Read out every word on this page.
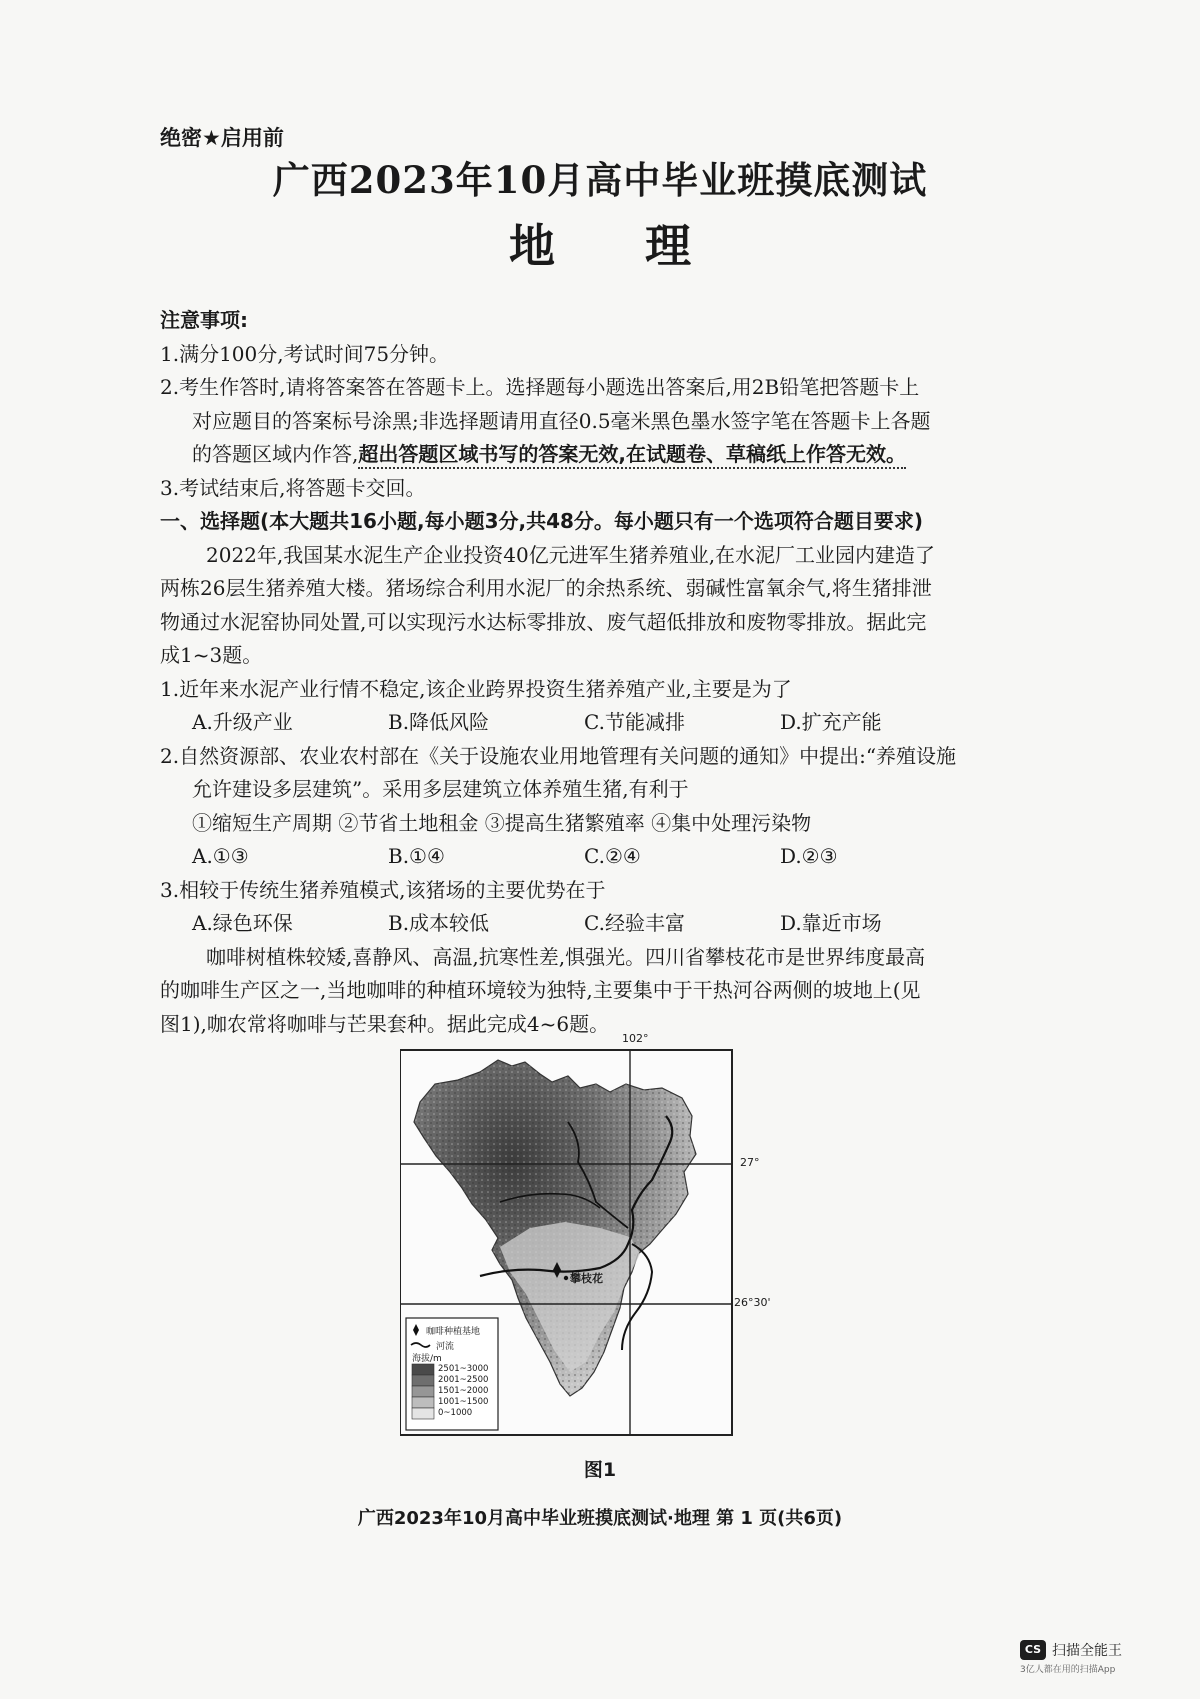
绝密★启用前
广西2023年10月高中毕业班摸底测试
地理
注意事项:
1.满分100分,考试时间75分钟。
2.考生作答时,请将答案答在答题卡上。选择题每小题选出答案后,用2B铅笔把答题卡上
对应题目的答案标号涂黑;非选择题请用直径0.5毫米黑色墨水签字笔在答题卡上各题
的答题区域内作答,超出答题区域书写的答案无效,在试题卷、草稿纸上作答无效。
3.考试结束后,将答题卡交回。
一、选择题(本大题共16小题,每小题3分,共48分。每小题只有一个选项符合题目要求)
2022年,我国某水泥生产企业投资40亿元进军生猪养殖业,在水泥厂工业园内建造了
两栋26层生猪养殖大楼。猪场综合利用水泥厂的余热系统、弱碱性富氧余气,将生猪排泄
物通过水泥窑协同处置,可以实现污水达标零排放、废气超低排放和废物零排放。据此完
成1~3题。
1.近年来水泥产业行情不稳定,该企业跨界投资生猪养殖产业,主要是为了
A.升级产业	B.降低风险	C.节能减排	D.扩充产能
2.自然资源部、农业农村部在《关于设施农业用地管理有关问题的通知》中提出:“养殖设施
允许建设多层建筑”。采用多层建筑立体养殖生猪,有利于
①缩短生产周期 ②节省土地租金 ③提高生猪繁殖率 ④集中处理污染物
A.①③	B.①④	C.②④	D.②③
3.相较于传统生猪养殖模式,该猪场的主要优势在于
A.绿色环保	B.成本较低	C.经验丰富	D.靠近市场
咖啡树植株较矮,喜静风、高温,抗寒性差,惧强光。四川省攀枝花市是世界纬度最高
的咖啡生产区之一,当地咖啡的种植环境较为独特,主要集中于干热河谷两侧的坡地上(见
图1),咖农常将咖啡与芒果套种。据此完成4~6题。
102°
27°
26°30'
攀枝花
咖啡种植基地
河流
海拔/m
2501~3000
2001~2500
1501~2000
1001~1500
0~1000
图1
广西2023年10月高中毕业班摸底测试·地理 第 1 页(共6页)
CS 扫描全能王
3亿人都在用的扫描App
